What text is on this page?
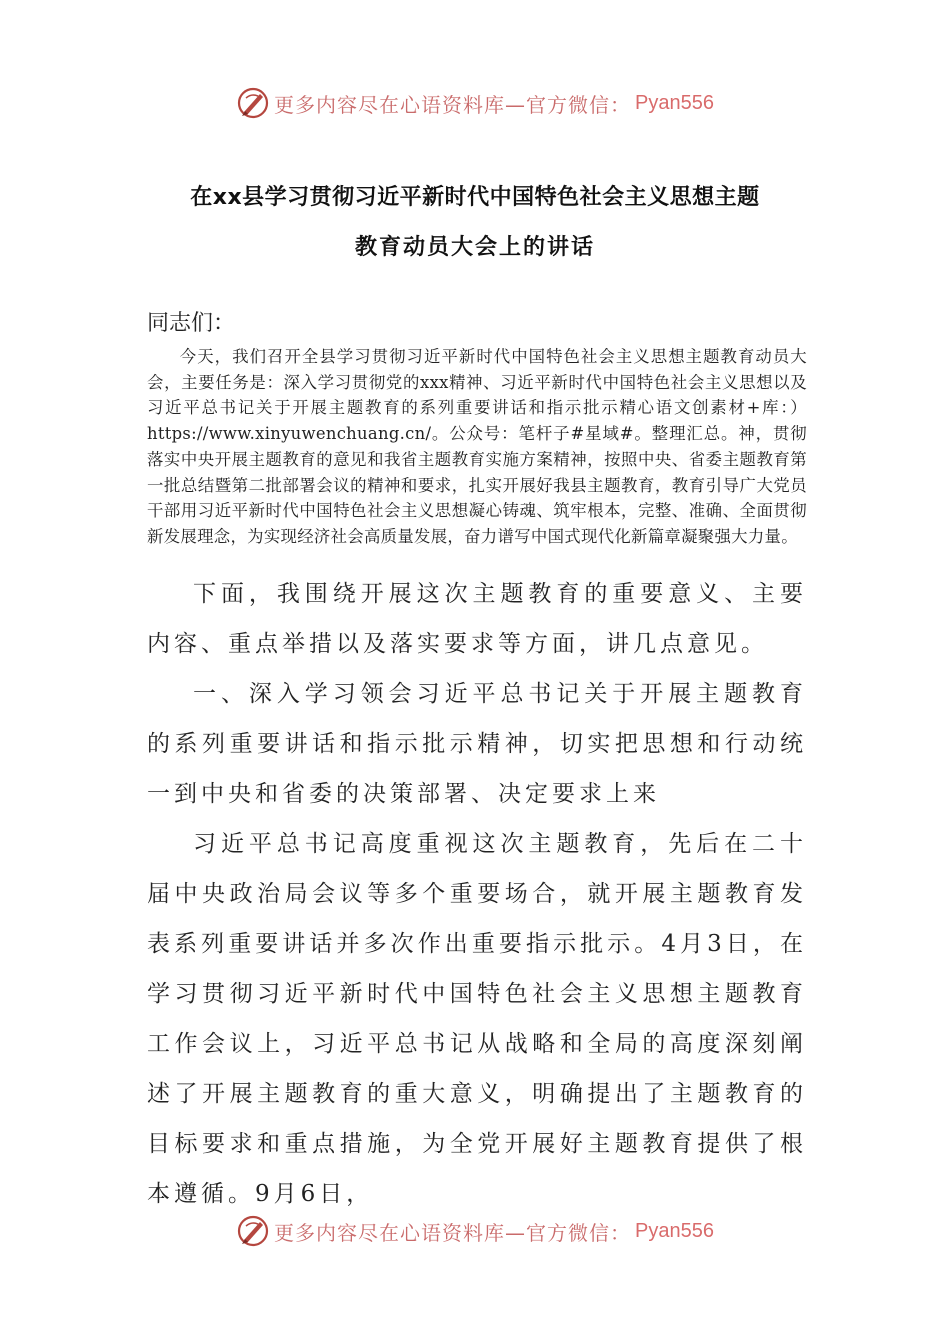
更多内容尽在心语资料库—官方微信： Pyan556
在xx县学习贯彻习近平新时代中国特色社会主义思想主题
教育动员大会上的讲话
同志们：

今天，我们召开全县学习贯彻习近平新时代中国特色社会主义思想主题教育动员大会，主要任务是：深入学习贯彻党的xxx精神、习近平新时代中国特色社会主义思想以及习近平总书记关于开展主题教育的系列重要讲话和指示批示精心语文创素材+库：）https://www.xinyuwenchuang.cn/。公众号：笔杆子#星域#。整理汇总。神，贯彻落实中央开展主题教育的意见和我省主题教育实施方案精神，按照中央、省委主题教育第一批总结暨第二批部署会议的精神和要求，扎实开展好我县主题教育，教育引导广大党员干部用习近平新时代中国特色社会主义思想凝心铸魂、筑牢根本，完整、准确、全面贯彻新发展理念，为实现经济社会高质量发展，奋力谱写中国式现代化新篇章凝聚强大力量。

下面，我围绕开展这次主题教育的重要意义、主要内容、重点举措以及落实要求等方面，讲几点意见。

一、深入学习领会习近平总书记关于开展主题教育的系列重要讲话和指示批示精神，切实把思想和行动统一到中央和省委的决策部署、决定要求上来

习近平总书记高度重视这次主题教育，先后在二十届中央政治局会议等多个重要场合，就开展主题教育发表系列重要讲话并多次作出重要指示批示。4月3日，在学习贯彻习近平新时代中国特色社会主义思想主题教育工作会议上，习近平总书记从战略和全局的高度深刻阐述了开展主题教育的重大意义，明确提出了主题教育的目标要求和重点措施，为全党开展好主题教育提供了根本遵循。9月6日，

更多内容尽在心语资料库—官方微信： Pyan556
